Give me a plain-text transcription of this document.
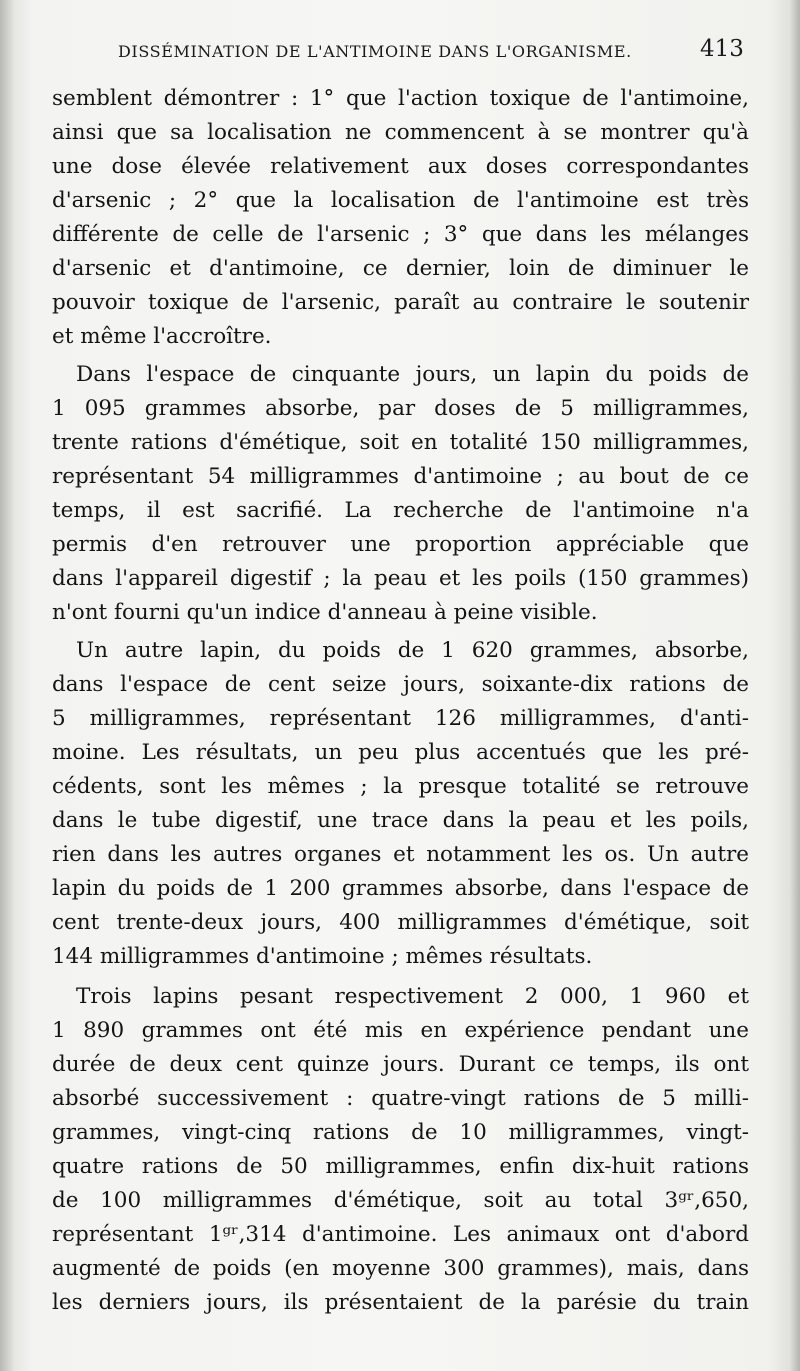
DISSÉMINATION DE L'ANTIMOINE DANS L'ORGANISME.	413
semblent démontrer : 1° que l'action toxique de l'antimoine,
ainsi que sa localisation ne commencent à se montrer qu'à
une dose élevée relativement aux doses correspondantes
d'arsenic ; 2° que la localisation de l'antimoine est très
différente de celle de l'arsenic ; 3° que dans les mélanges
d'arsenic et d'antimoine, ce dernier, loin de diminuer le
pouvoir toxique de l'arsenic, paraît au contraire le soutenir
et même l'accroître.
Dans l'espace de cinquante jours, un lapin du poids de
1 095 grammes absorbe, par doses de 5 milligrammes,
trente rations d'émétique, soit en totalité 150 milligrammes,
représentant 54 milligrammes d'antimoine ; au bout de ce
temps, il est sacrifié. La recherche de l'antimoine n'a
permis d'en retrouver une proportion appréciable que
dans l'appareil digestif ; la peau et les poils (150 grammes)
n'ont fourni qu'un indice d'anneau à peine visible.
Un autre lapin, du poids de 1 620 grammes, absorbe,
dans l'espace de cent seize jours, soixante-dix rations de
5 milligrammes, représentant 126 milligrammes, d'anti-
moine. Les résultats, un peu plus accentués que les pré-
cédents, sont les mêmes ; la presque totalité se retrouve
dans le tube digestif, une trace dans la peau et les poils,
rien dans les autres organes et notamment les os. Un autre
lapin du poids de 1 200 grammes absorbe, dans l'espace de
cent trente-deux jours, 400 milligrammes d'émétique, soit
144 milligrammes d'antimoine ; mêmes résultats.
Trois lapins pesant respectivement 2 000, 1 960 et
1 890 grammes ont été mis en expérience pendant une
durée de deux cent quinze jours. Durant ce temps, ils ont
absorbé successivement : quatre-vingt rations de 5 milli-
grammes, vingt-cinq rations de 10 milligrammes, vingt-
quatre rations de 50 milligrammes, enfin dix-huit rations
de 100 milligrammes d'émétique, soit au total 3ᵍʳ,650,
représentant 1ᵍʳ,314 d'antimoine. Les animaux ont d'abord
augmenté de poids (en moyenne 300 grammes), mais, dans
les derniers jours, ils présentaient de la parésie du train
